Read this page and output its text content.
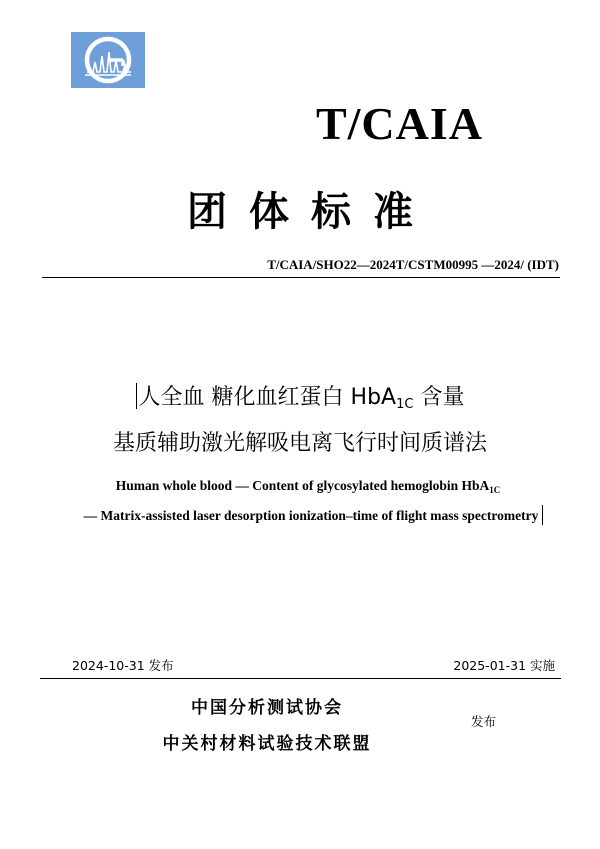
T/CAIA
团体标准
T/CAIA/SHO22—2024T/CSTM00995 —2024/ (IDT)
人全血 糖化血红蛋白 HbA$_{1C}$ 含量
基质辅助激光解吸电离飞行时间质谱法
Human whole blood — Content of glycosylated hemoglobin HbA$_{1C}$
— Matrix-assisted laser desorption ionization–time of flight mass spectrometry
2024-10-31 发布	2025-01-31 实施
中国分析测试协会
中关村材料试验技术联盟
发布
